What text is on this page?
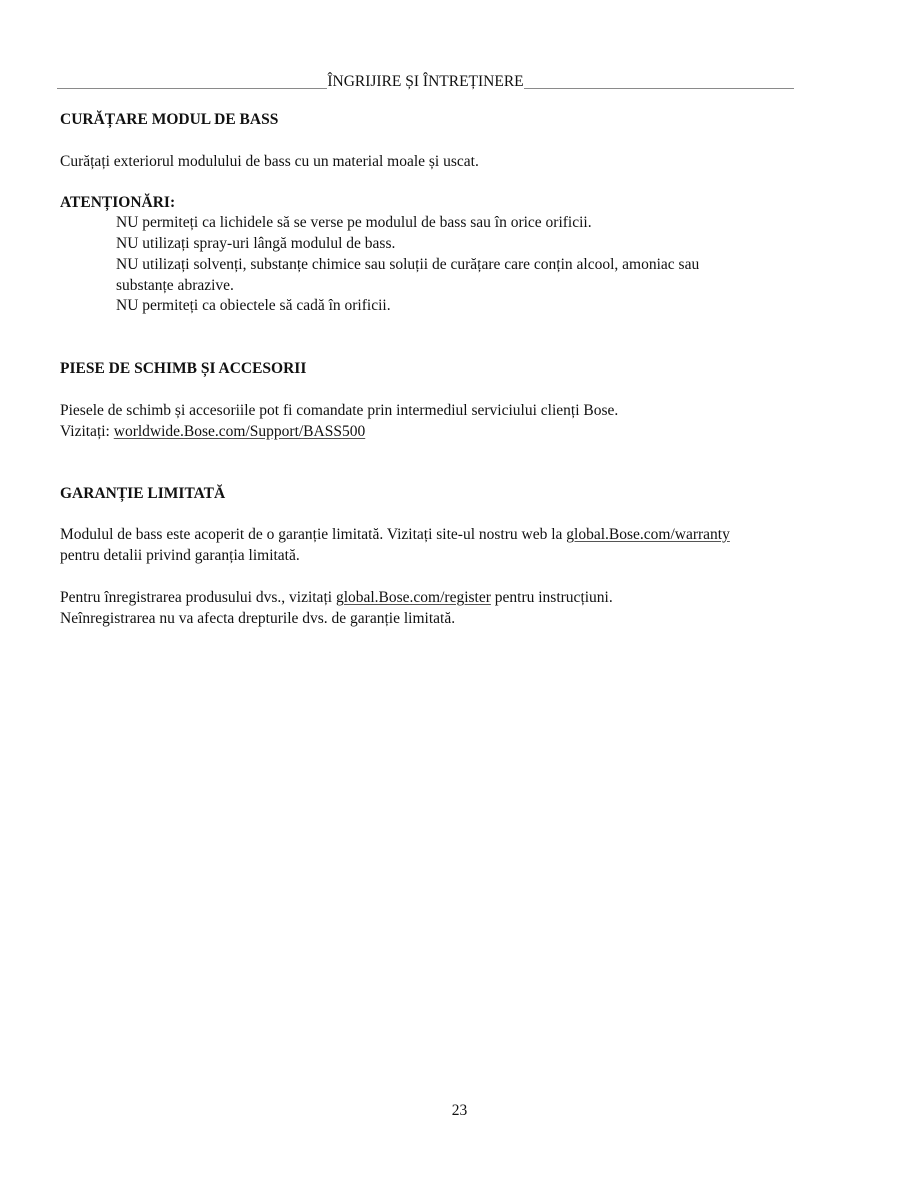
ÎNGRIJIRE ȘI ÎNTREȚINERE
CURĂȚARE MODUL DE BASS
Curățați exteriorul modulului de bass cu un material moale și uscat.
ATENȚIONĂRI:
NU permiteți ca lichidele să se verse pe modulul de bass sau în orice orificii.
NU utilizați spray-uri lângă modulul de bass.
NU utilizați solvenți, substanțe chimice sau soluții de curățare care conțin alcool, amoniac sau
substanțe abrazive.
NU permiteți ca obiectele să cadă în orificii.
PIESE DE SCHIMB ȘI ACCESORII
Piesele de schimb și accesoriile pot fi comandate prin intermediul serviciului clienți Bose.
Vizitați: worldwide.Bose.com/Support/BASS500
GARANȚIE LIMITATĂ
Modulul de bass este acoperit de o garanție limitată. Vizitați site-ul nostru web la global.Bose.com/warranty
pentru detalii privind garanția limitată.
Pentru înregistrarea produsului dvs., vizitați global.Bose.com/register pentru instrucțiuni.
Neînregistrarea nu va afecta drepturile dvs. de garanție limitată.
23
